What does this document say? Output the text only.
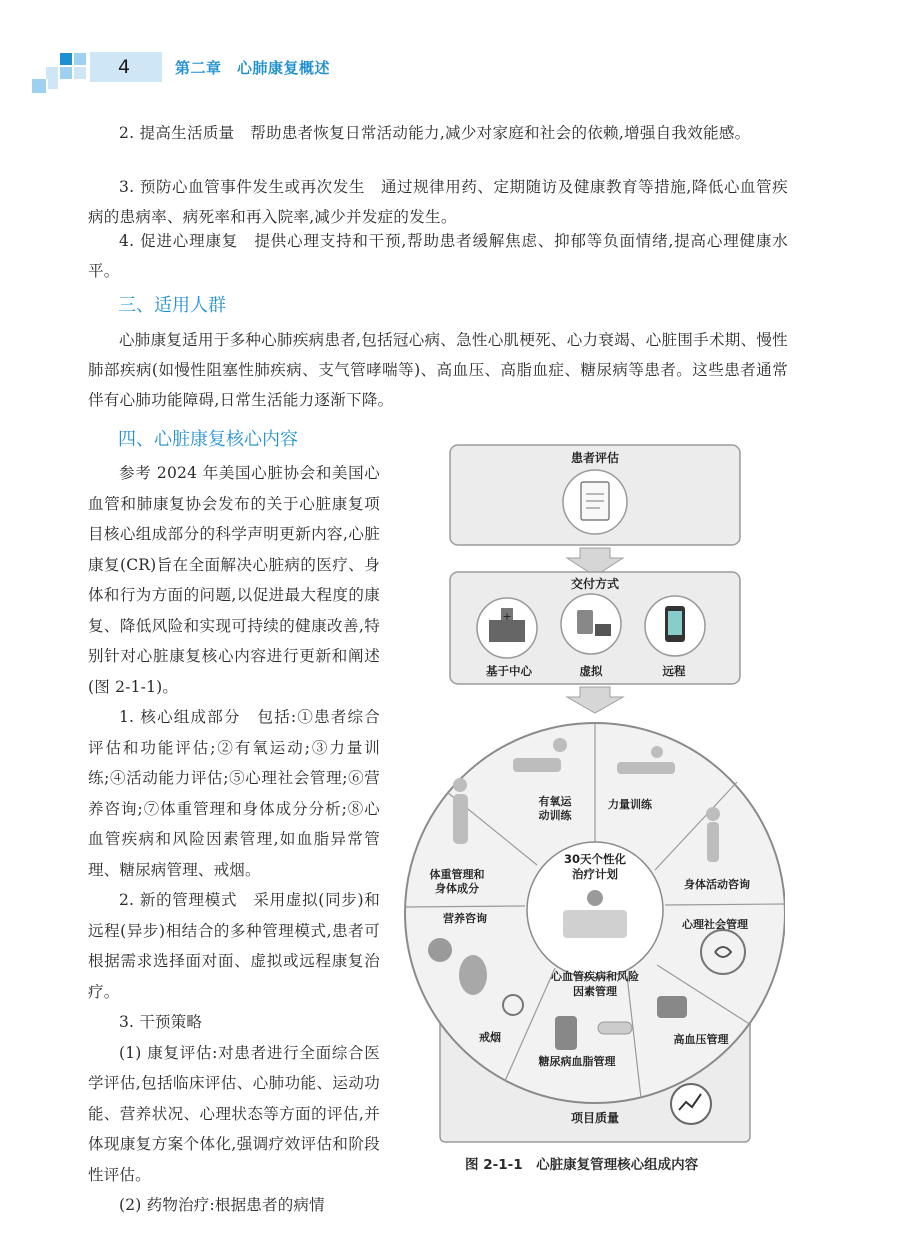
4	第二章　心肺康复概述

2. 提高生活质量　帮助患者恢复日常活动能力,减少对家庭和社会的依赖,增强自我效能感。

3. 预防心血管事件发生或再次发生　通过规律用药、定期随访及健康教育等措施,降低心血管疾病的患病率、病死率和再入院率,减少并发症的发生。

4. 促进心理康复　提供心理支持和干预,帮助患者缓解焦虑、抑郁等负面情绪,提高心理健康水平。

三、适用人群

心肺康复适用于多种心肺疾病患者,包括冠心病、急性心肌梗死、心力衰竭、心脏围手术期、慢性肺部疾病(如慢性阻塞性肺疾病、支气管哮喘等)、高血压、高脂血症、糖尿病等患者。这些患者通常伴有心肺功能障碍,日常生活能力逐渐下降。

四、心脏康复核心内容

参考 2024 年美国心脏协会和美国心血管和肺康复协会发布的关于心脏康复项目核心组成部分的科学声明更新内容,心脏康复(CR)旨在全面解决心脏病的医疗、身体和行为方面的问题,以促进最大程度的康复、降低风险和实现可持续的健康改善,特别针对心脏康复核心内容进行更新和阐述(图 2-1-1)。

1. 核心组成部分　包括:①患者综合评估和功能评估;②有氧运动;③力量训练;④活动能力评估;⑤心理社会管理;⑥营养咨询;⑦体重管理和身体成分分析;⑧心血管疾病和风险因素管理,如血脂异常管理、糖尿病管理、戒烟。

2. 新的管理模式　采用虚拟(同步)和远程(异步)相结合的多种管理模式,患者可根据需求选择面对面、虚拟或远程康复治疗。

3. 干预策略

(1) 康复评估:对患者进行全面综合医学评估,包括临床评估、心肺功能、运动功能、营养状况、心理状态等方面的评估,并体现康复方案个体化,强调疗效评估和阶段性评估。

(2) 药物治疗:根据患者的病情

患者评估
交付方式
+
基于中心	虚拟	远程
项目质量
30天个性化
治疗计划
有氧运
动训练
力量训练
体重管理和
身体成分	身体活动咨询
营养咨询	心理社会管理
心血管疾病和风险
因素管理
戒烟	高血压管理
糖尿病血脂管理
图 2-1-1　心脏康复管理核心组成内容
